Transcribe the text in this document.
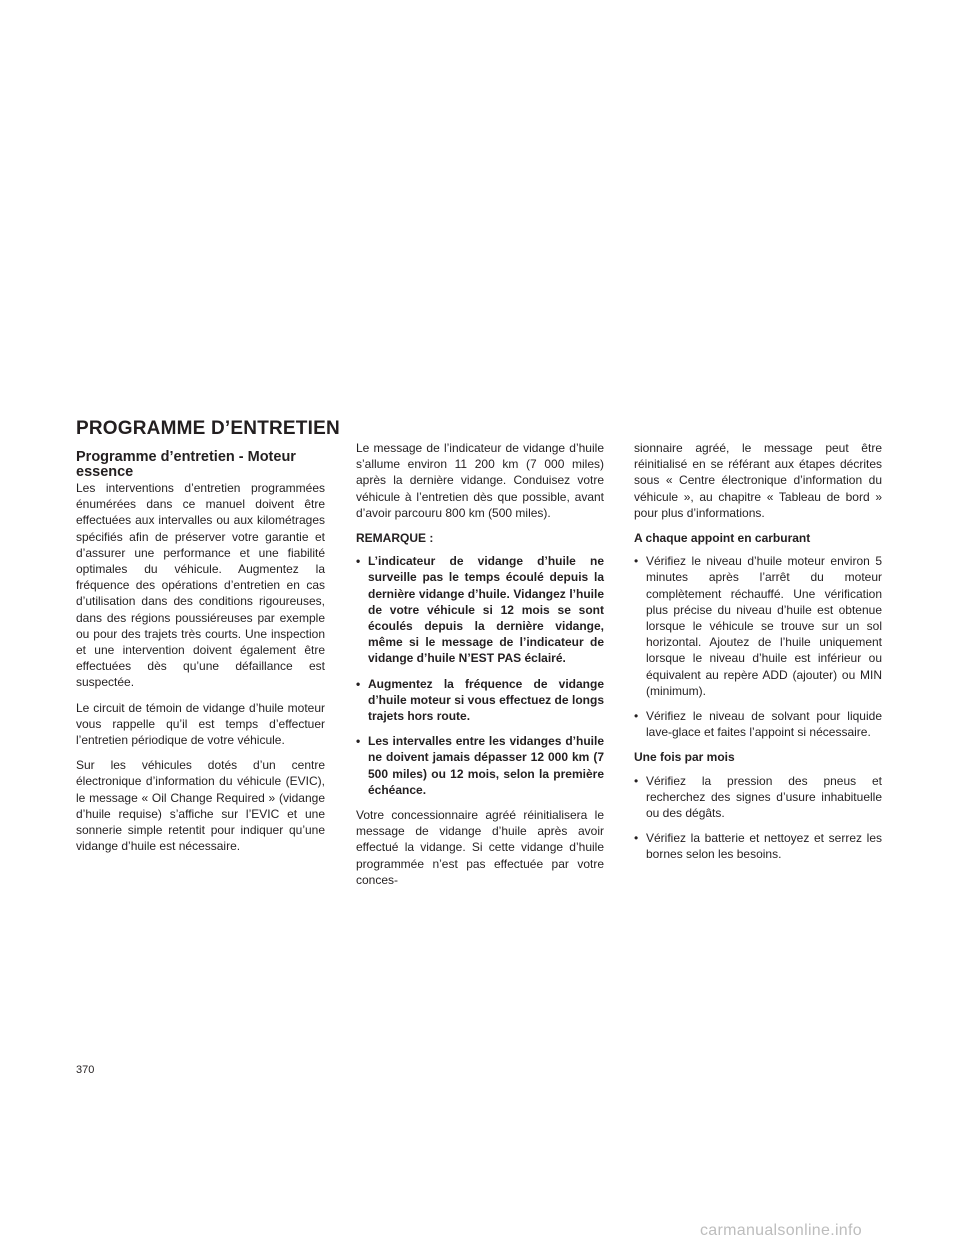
PROGRAMME D’ENTRETIEN
Programme d’entretien - Moteur essence

Les interventions d’entretien programmées énumérées dans ce manuel doivent être effectuées aux intervalles ou aux kilométrages spécifiés afin de préserver votre garantie et d’assurer une performance et une fiabilité optimales du véhicule. Augmentez la fréquence des opérations d’entretien en cas d’utilisation dans des conditions rigoureuses, dans des régions poussiéreuses par exemple ou pour des trajets très courts. Une inspection et une intervention doivent également être effectuées dès qu’une défaillance est suspectée.

Le circuit de témoin de vidange d’huile moteur vous rappelle qu’il est temps d’effectuer l’entretien périodique de votre véhicule.

Sur les véhicules dotés d’un centre électronique d’information du véhicule (EVIC), le message « Oil Change Required » (vidange d’huile requise) s’affiche sur l’EVIC et une sonnerie simple retentit pour indiquer qu’une vidange d’huile est nécessaire.

Le message de l’indicateur de vidange d’huile s’allume environ 11 200 km (7 000 miles) après la dernière vidange. Conduisez votre véhicule à l’entretien dès que possible, avant d’avoir parcouru 800 km (500 miles).

REMARQUE :

• L’indicateur de vidange d’huile ne surveille pas le temps écoulé depuis la dernière vidange d’huile. Vidangez l’huile de votre véhicule si 12 mois se sont écoulés depuis la dernière vidange, même si le message de l’indicateur de vidange d’huile N’EST PAS éclairé.
• Augmentez la fréquence de vidange d’huile moteur si vous effectuez de longs trajets hors route.
• Les intervalles entre les vidanges d’huile ne doivent jamais dépasser 12 000 km (7 500 miles) ou 12 mois, selon la première échéance.

Votre concessionnaire agréé réinitialisera le message de vidange d’huile après avoir effectué la vidange. Si cette vidange d’huile programmée n’est pas effectuée par votre conces-

sionnaire agréé, le message peut être réinitialisé en se référant aux étapes décrites sous « Centre électronique d’information du véhicule », au chapitre « Tableau de bord » pour plus d’informations.

A chaque appoint en carburant

• Vérifiez le niveau d’huile moteur environ 5 minutes après l’arrêt du moteur complètement réchauffé. Une vérification plus précise du niveau d’huile est obtenue lorsque le véhicule se trouve sur un sol horizontal. Ajoutez de l’huile uniquement lorsque le niveau d’huile est inférieur ou équivalent au repère ADD (ajouter) ou MIN (minimum).
• Vérifiez le niveau de solvant pour liquide lave-glace et faites l’appoint si nécessaire.

Une fois par mois

• Vérifiez la pression des pneus et recherchez des signes d’usure inhabituelle ou des dégâts.
• Vérifiez la batterie et nettoyez et serrez les bornes selon les besoins.

370

carmanualsonline.info
